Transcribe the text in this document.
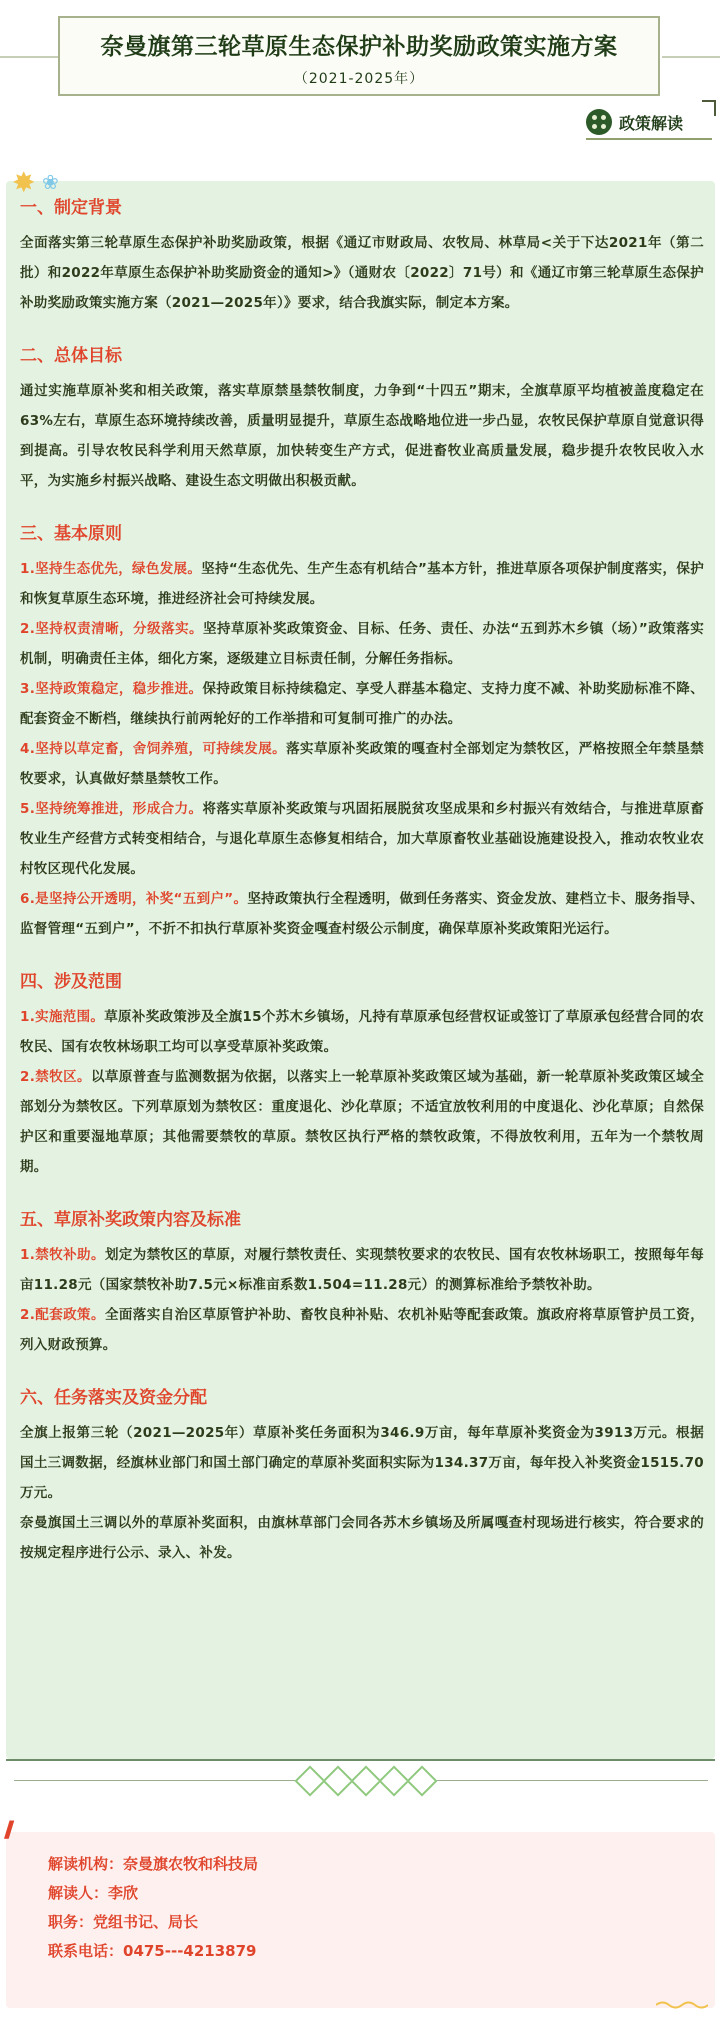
奈曼旗第三轮草原生态保护补助奖励政策实施方案
（2021-2025年）
政策解读
✸ ❀

一、制定背景

全面落实第三轮草原生态保护补助奖励政策，根据《通辽市财政局、农牧局、林草局<关于下达2021年（第二批）和2022年草原生态保护补助奖励资金的通知>》（通财农〔2022〕71号）和《通辽市第三轮草原生态保护补助奖励政策实施方案（2021—2025年）》要求，结合我旗实际，制定本方案。

二、总体目标

通过实施草原补奖和相关政策，落实草原禁垦禁牧制度，力争到“十四五”期末，全旗草原平均植被盖度稳定在63%左右，草原生态环境持续改善，质量明显提升，草原生态战略地位进一步凸显，农牧民保护草原自觉意识得到提高。引导农牧民科学利用天然草原，加快转变生产方式，促进畜牧业高质量发展，稳步提升农牧民收入水平，为实施乡村振兴战略、建设生态文明做出积极贡献。

三、基本原则

1.坚持生态优先，绿色发展。坚持“生态优先、生产生态有机结合”基本方针，推进草原各项保护制度落实，保护和恢复草原生态环境，推进经济社会可持续发展。

2.坚持权责清晰，分级落实。坚持草原补奖政策资金、目标、任务、责任、办法“五到苏木乡镇（场）”政策落实机制，明确责任主体，细化方案，逐级建立目标责任制，分解任务指标。

3.坚持政策稳定，稳步推进。保持政策目标持续稳定、享受人群基本稳定、支持力度不减、补助奖励标准不降、配套资金不断档，继续执行前两轮好的工作举措和可复制可推广的办法。

4.坚持以草定畜，舍饲养殖，可持续发展。落实草原补奖政策的嘎查村全部划定为禁牧区，严格按照全年禁垦禁牧要求，认真做好禁垦禁牧工作。

5.坚持统筹推进，形成合力。将落实草原补奖政策与巩固拓展脱贫攻坚成果和乡村振兴有效结合，与推进草原畜牧业生产经营方式转变相结合，与退化草原生态修复相结合，加大草原畜牧业基础设施建设投入，推动农牧业农村牧区现代化发展。

6.是坚持公开透明，补奖“五到户”。坚持政策执行全程透明，做到任务落实、资金发放、建档立卡、服务指导、监督管理“五到户”，不折不扣执行草原补奖资金嘎查村级公示制度，确保草原补奖政策阳光运行。

四、涉及范围

1.实施范围。草原补奖政策涉及全旗15个苏木乡镇场，凡持有草原承包经营权证或签订了草原承包经营合同的农牧民、国有农牧林场职工均可以享受草原补奖政策。

2.禁牧区。以草原普查与监测数据为依据，以落实上一轮草原补奖政策区域为基础，新一轮草原补奖政策区域全部划分为禁牧区。下列草原划为禁牧区：重度退化、沙化草原；不适宜放牧利用的中度退化、沙化草原；自然保护区和重要湿地草原；其他需要禁牧的草原。禁牧区执行严格的禁牧政策，不得放牧利用，五年为一个禁牧周期。

五、草原补奖政策内容及标准

1.禁牧补助。划定为禁牧区的草原，对履行禁牧责任、实现禁牧要求的农牧民、国有农牧林场职工，按照每年每亩11.28元（国家禁牧补助7.5元×标准亩系数1.504=11.28元）的测算标准给予禁牧补助。

2.配套政策。全面落实自治区草原管护补助、畜牧良种补贴、农机补贴等配套政策。旗政府将草原管护员工资，列入财政预算。

六、任务落实及资金分配

全旗上报第三轮（2021—2025年）草原补奖任务面积为346.9万亩，每年草原补奖资金为3913万元。根据国土三调数据，经旗林业部门和国土部门确定的草原补奖面积实际为134.37万亩，每年投入补奖资金1515.70万元。

奈曼旗国土三调以外的草原补奖面积，由旗林草部门会同各苏木乡镇场及所属嘎查村现场进行核实，符合要求的按规定程序进行公示、录入、补发。

///
解读机构：奈曼旗农牧和科技局
解读人：李欣
职务：党组书记、局长
联系电话：0475---4213879
